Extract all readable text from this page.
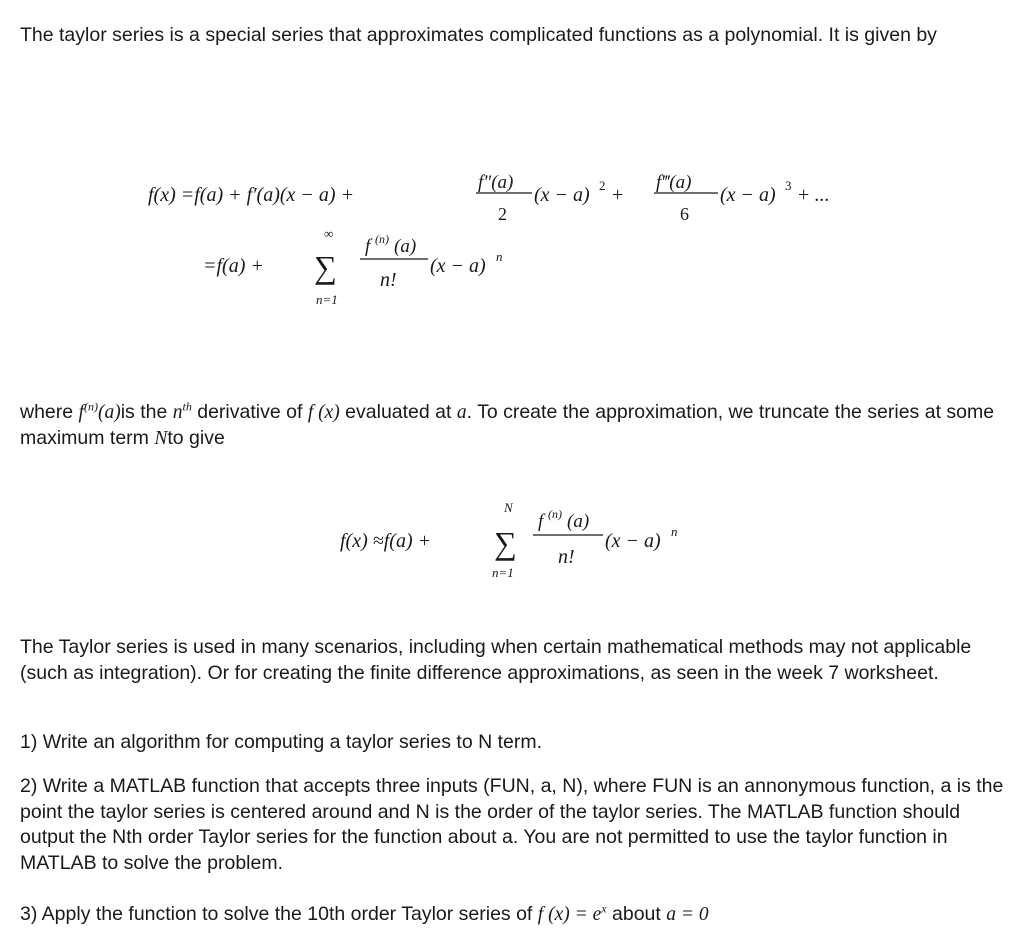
The taylor series is a special series that approximates complicated functions as a polynomial. It is given by

f(x) =f(a) + f′(a)(x − a) +
f″(a)
2
(x − a) 2 +
f‴(a)
6
(x − a) 3 + ...
=f(a) +
∞
∑
n=1
f (n) (a)
n!
(x − a) n

where $f^{(n)}(a)is$ the $n^{th}$ derivative of f (x) evaluated at a. To create the approximation, we truncate the series at some maximum term Nto give

f(x) ≈f(a) +
N
∑
n=1
f (n) (a)
n!
(x − a) n

The Taylor series is used in many scenarios, including when certain mathematical methods may not applicable (such as integration). Or for creating the finite difference approximations, as seen in the week 7 worksheet.

1) Write an algorithm for computing a taylor series to N term.

2) Write a MATLAB function that accepts three inputs (FUN, a, N), where FUN is an annonymous function, a is the point the taylor series is centered around and N is the order of the taylor series. The MATLAB function should output the Nth order Taylor series for the function about a. You are not permitted to use the taylor function in MATLAB to solve the problem.

3) Apply the function to solve the 10th order Taylor series of f $(x) = e^x$ about a = 0
